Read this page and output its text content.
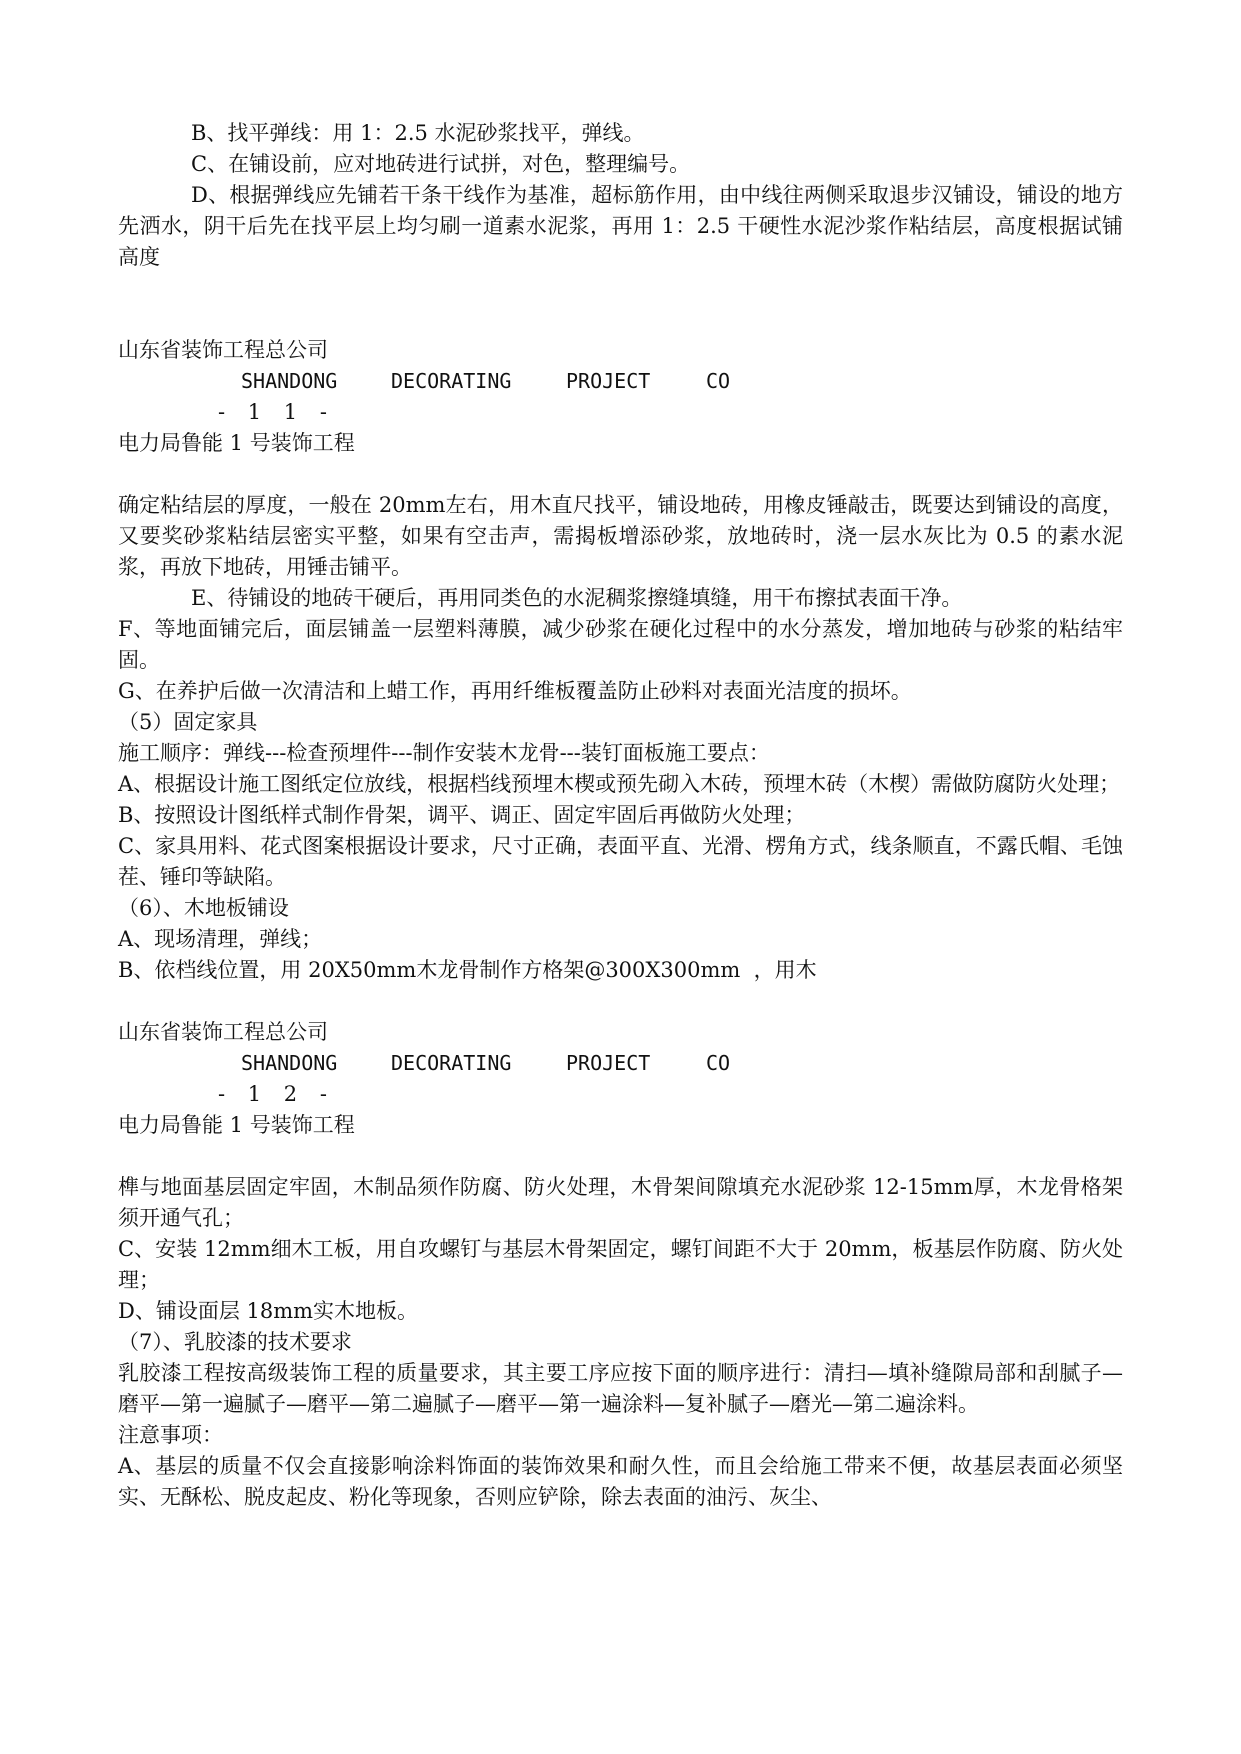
B、找平弹线：用 1：2.5 水泥砂浆找平，弹线。

C、在铺设前，应对地砖进行试拼，对色，整理编号。

D、根据弹线应先铺若干条干线作为基准，超标筋作用，由中线往两侧采取退步汉铺设，铺设的地方先洒水，阴干后先在找平层上均匀刷一道素水泥浆，再用 1：2.5 干硬性水泥沙浆作粘结层，高度根据试铺高度

山东省装饰工程总公司

SHANDONG	DECORATING	PROJECT	CO

- 1 1 -

电力局鲁能 1 号装饰工程

确定粘结层的厚度，一般在 20mm左右，用木直尺找平，铺设地砖，用橡皮锤敲击，既要达到铺设的高度，又要奖砂浆粘结层密实平整，如果有空击声，需揭板增添砂浆，放地砖时，浇一层水灰比为 0.5 的素水泥浆，再放下地砖，用锤击铺平。

E、待铺设的地砖干硬后，再用同类色的水泥稠浆擦缝填缝，用干布擦拭表面干净。

F、等地面铺完后，面层铺盖一层塑料薄膜，减少砂浆在硬化过程中的水分蒸发，增加地砖与砂浆的粘结牢固。

G、在养护后做一次清洁和上蜡工作，再用纤维板覆盖防止砂料对表面光洁度的损坏。

（5）固定家具

施工顺序：弹线---检查预埋件---制作安装木龙骨---装钉面板施工要点：

A、根据设计施工图纸定位放线，根据档线预埋木楔或预先砌入木砖，预埋木砖（木楔）需做防腐防火处理；

B、按照设计图纸样式制作骨架，调平、调正、固定牢固后再做防火处理；

C、家具用料、花式图案根据设计要求，尺寸正确，表面平直、光滑、楞角方式，线条顺直，不露氏帽、毛蚀茬、锤印等缺陷。

（6）、木地板铺设

A、现场清理，弹线；

B、依档线位置，用 20X50mm木龙骨制作方格架@300X300mm  ，用木

山东省装饰工程总公司

SHANDONG	DECORATING	PROJECT	CO

- 1 2 -

电力局鲁能 1 号装饰工程

榫与地面基层固定牢固，木制品须作防腐、防火处理，木骨架间隙填充水泥砂浆 12-15mm厚，木龙骨格架须开通气孔；

C、安装 12mm细木工板，用自攻螺钉与基层木骨架固定，螺钉间距不大于 20mm，板基层作防腐、防火处理；

D、铺设面层 18mm实木地板。

（7）、乳胶漆的技术要求

乳胶漆工程按高级装饰工程的质量要求，其主要工序应按下面的顺序进行：清扫—填补缝隙局部和刮腻子—磨平—第一遍腻子—磨平—第二遍腻子—磨平—第一遍涂料—复补腻子—磨光—第二遍涂料。

注意事项：

A、基层的质量不仅会直接影响涂料饰面的装饰效果和耐久性，而且会给施工带来不便，故基层表面必须坚实、无酥松、脱皮起皮、粉化等现象，否则应铲除，除去表面的油污、灰尘、
